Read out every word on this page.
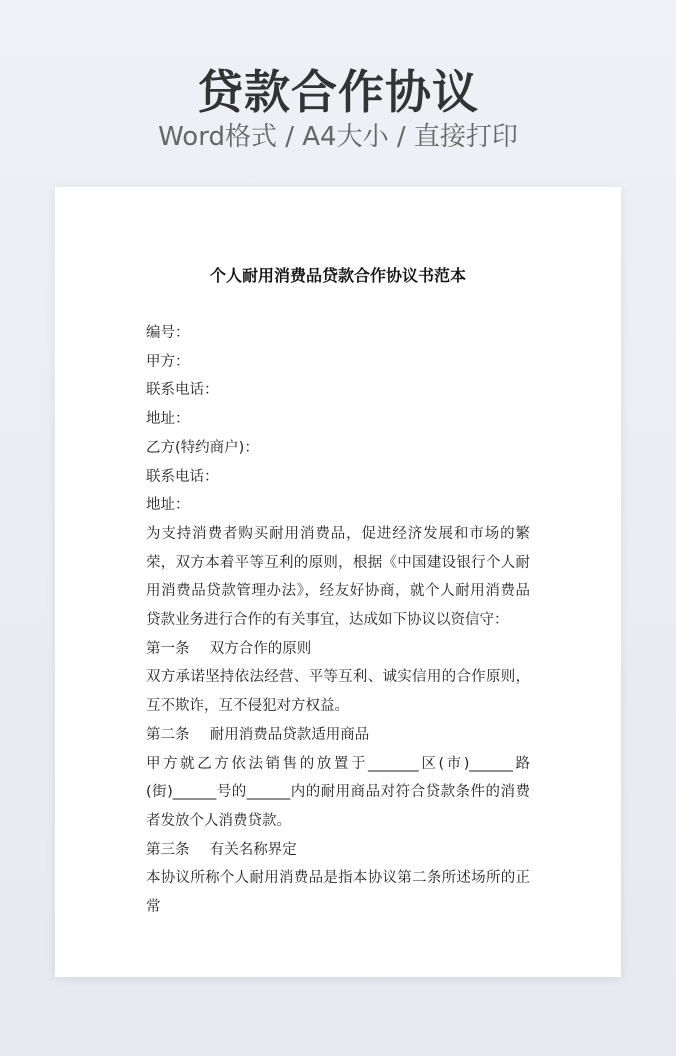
贷款合作协议
Word格式 / A4大小 / 直接打印
个人耐用消费品贷款合作协议书范本
编号：
甲方：
联系电话：
地址：
乙方(特约商户)：
联系电话：
地址：
为支持消费者购买耐用消费品，促进经济发展和市场的繁荣，双方本着平等互利的原则，根据《中国建设银行个人耐用消费品贷款管理办法》，经友好协商，就个人耐用消费品贷款业务进行合作的有关事宜，达成如下协议以资信守：
第一条 双方合作的原则
双方承诺坚持依法经营、平等互利、诚实信用的合作原则，互不欺诈，互不侵犯对方权益。
第二条 耐用消费品贷款适用商品
甲方就乙方依法销售的放置于_______区(市)______路(街)______号的______内的耐用商品对符合贷款条件的消费者发放个人消费贷款。
第三条 有关名称界定
本协议所称个人耐用消费品是指本协议第二条所述场所的正常
